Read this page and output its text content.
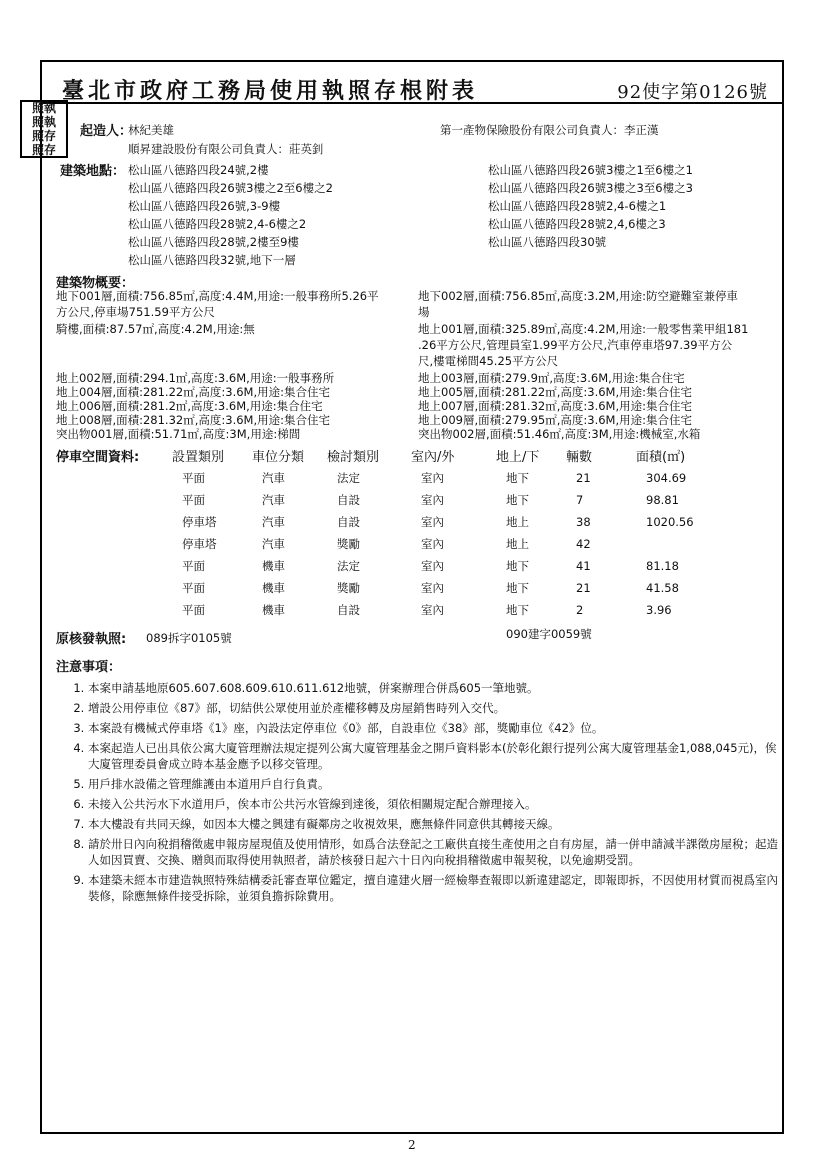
臺北市政府工務局使用執照存根附表	92使字第0126號
照執
照執
照存
照存
起造人：
林紀美雄	第一產物保險股份有限公司負責人：李正漢
順昇建設股份有限公司負責人：莊英釗
建築地點： 松山區八德路四段24號,2樓
松山區八德路四段26號3樓之2至6樓之2
松山區八德路四段26號,3-9樓
松山區八德路四段28號2,4-6樓之2
松山區八德路四段28號,2樓至9樓
松山區八德路四段32號,地下一層
松山區八德路四段26號3樓之1至6樓之1
松山區八德路四段26號3樓之3至6樓之3
松山區八德路四段28號2,4-6樓之1
松山區八德路四段28號2,4,6樓之3
松山區八德路四段30號
建築物概要：
地下001層,面積:756.85㎡,高度:4.4M,用途:一般事務所5.26平
方公尺,停車場751.59平方公尺
騎樓,面積:87.57㎡,高度:4.2M,用途:無
地上002層,面積:294.1㎡,高度:3.6M,用途:一般事務所
地上004層,面積:281.22㎡,高度:3.6M,用途:集合住宅
地上006層,面積:281.2㎡,高度:3.6M,用途:集合住宅
地上008層,面積:281.32㎡,高度:3.6M,用途:集合住宅
突出物001層,面積:51.71㎡,高度:3M,用途:梯間
地下002層,面積:756.85㎡,高度:3.2M,用途:防空避難室兼停車
場
地上001層,面積:325.89㎡,高度:4.2M,用途:一般零售業甲組181
.26平方公尺,管理員室1.99平方公尺,汽車停車塔97.39平方公
尺,樓電梯間45.25平方公尺
地上003層,面積:279.9㎡,高度:3.6M,用途:集合住宅
地上005層,面積:281.22㎡,高度:3.6M,用途:集合住宅
地上007層,面積:281.32㎡,高度:3.6M,用途:集合住宅
地上009層,面積:279.95㎡,高度:3.6M,用途:集合住宅
突出物002層,面積:51.46㎡,高度:3M,用途:機械室,水箱
停車空間資料:	設置類別 車位分類 檢討類別 室內/外	地上/下 輛數	面積(㎡)
平面	汽車	法定	室內	地下	21	304.69
平面	汽車	自設	室內	地下	7	98.81
停車塔	汽車	自設	室內	地上	38	1020.56
停車塔	汽車	獎勵	室內	地上	42	
平面	機車	法定	室內	地下	41	81.18
平面	機車	獎勵	室內	地下	21	41.58
平面	機車	自設	室內	地下	2	3.96
原核發執照: 089拆字0105號	090建字0059號
注意事項：
1. 本案申請基地原605.607.608.609.610.611.612地號，併案辦理合併爲605一筆地號。
2. 增設公用停車位《87》部，切結供公眾使用並於產權移轉及房屋銷售時列入交代。
3. 本案設有機械式停車塔《1》座，內設法定停車位《0》部，自設車位《38》部，獎勵車位《42》位。
4. 本案起造人已出具依公寓大廈管理辦法規定提列公寓大廈管理基金之開戶資料影本(於彰化銀行提列公寓大廈管理基金1,088,045元)，俟大廈管理委員會成立時本基金應予以移交管理。
5. 用戶排水設備之管理維護由本道用戶自行負責。
6. 未接入公共污水下水道用戶，俟本市公共污水管線到達後，須依相關規定配合辦理接入。
7. 本大樓設有共同天線，如因本大樓之興建有礙鄰房之收視效果，應無條件同意供其轉接天線。
8. 請於卅日內向稅捐稽徵處申報房屋現值及使用情形，如爲合法登記之工廠供直接生產使用之自有房屋，請一併申請減半課徵房屋稅；起造人如因買賣、交換、贈與而取得使用執照者，請於核發日起六十日內向稅捐稽徵處申報契稅，以免逾期受罰。
9. 本建築未經本市建造執照特殊結構委託審查單位鑑定，擅自違建火層一經檢舉查報即以新違建認定，即報即拆，不因使用材質而視爲室內裝修，除應無條件接受拆除，並須負擔拆除費用。
2
